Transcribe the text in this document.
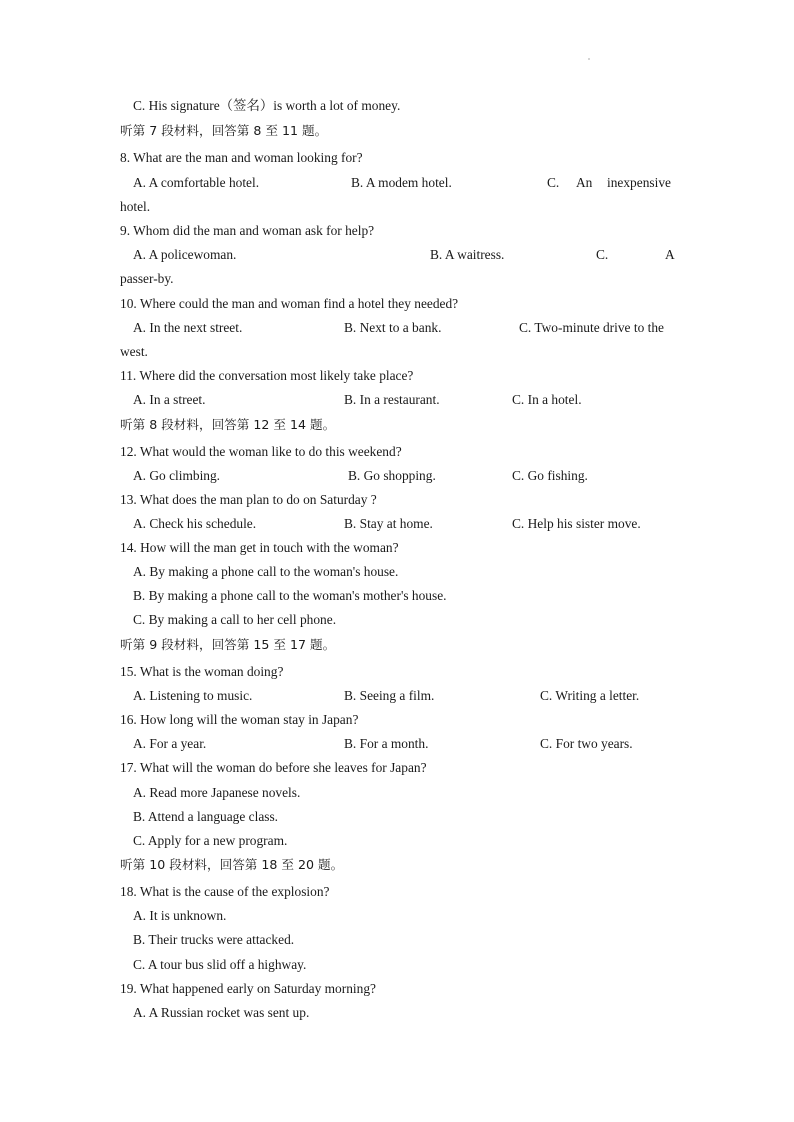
C. His signature（签名）is worth a lot of money.
听第 7 段材料，回答第 8 至 11 题。
8. What are the man and woman looking for?
A. A comfortable hotel.	B. A modem hotel.	C. An inexpensive
hotel.
9. Whom did the man and woman ask for help?
A. A policewoman.	B. A waitress.	C.	A
passer-by.
10. Where could the man and woman find a hotel they needed?
A. In the next street.	B. Next to a bank.	C. Two-minute drive to the
west.
11. Where did the conversation most likely take place?
A. In a street.	B. In a restaurant.	C. In a hotel.
听第 8 段材料，回答第 12 至 14 题。
12. What would the woman like to do this weekend?
A. Go climbing.	B. Go shopping.	C. Go fishing.
13. What does the man plan to do on Saturday ?
A. Check his schedule.	B. Stay at home.	C. Help his sister move.
14. How will the man get in touch with the woman?
A. By making a phone call to the woman's house.
B. By making a phone call to the woman's mother's house.
C. By making a call to her cell phone.
听第 9 段材料，回答第 15 至 17 题。
15. What is the woman doing?
A. Listening to music.	B. Seeing a film.	C. Writing a letter.
16. How long will the woman stay in Japan?
A. For a year.	B. For a month.	C. For two years.
17. What will the woman do before she leaves for Japan?
A. Read more Japanese novels.
B. Attend a language class.
C. Apply for a new program.
听第 10 段材料，回答第 18 至 20 题。
18. What is the cause of the explosion?
A. It is unknown.
B. Their trucks were attacked.
C. A tour bus slid off a highway.
19. What happened early on Saturday morning?
A. A Russian rocket was sent up.
